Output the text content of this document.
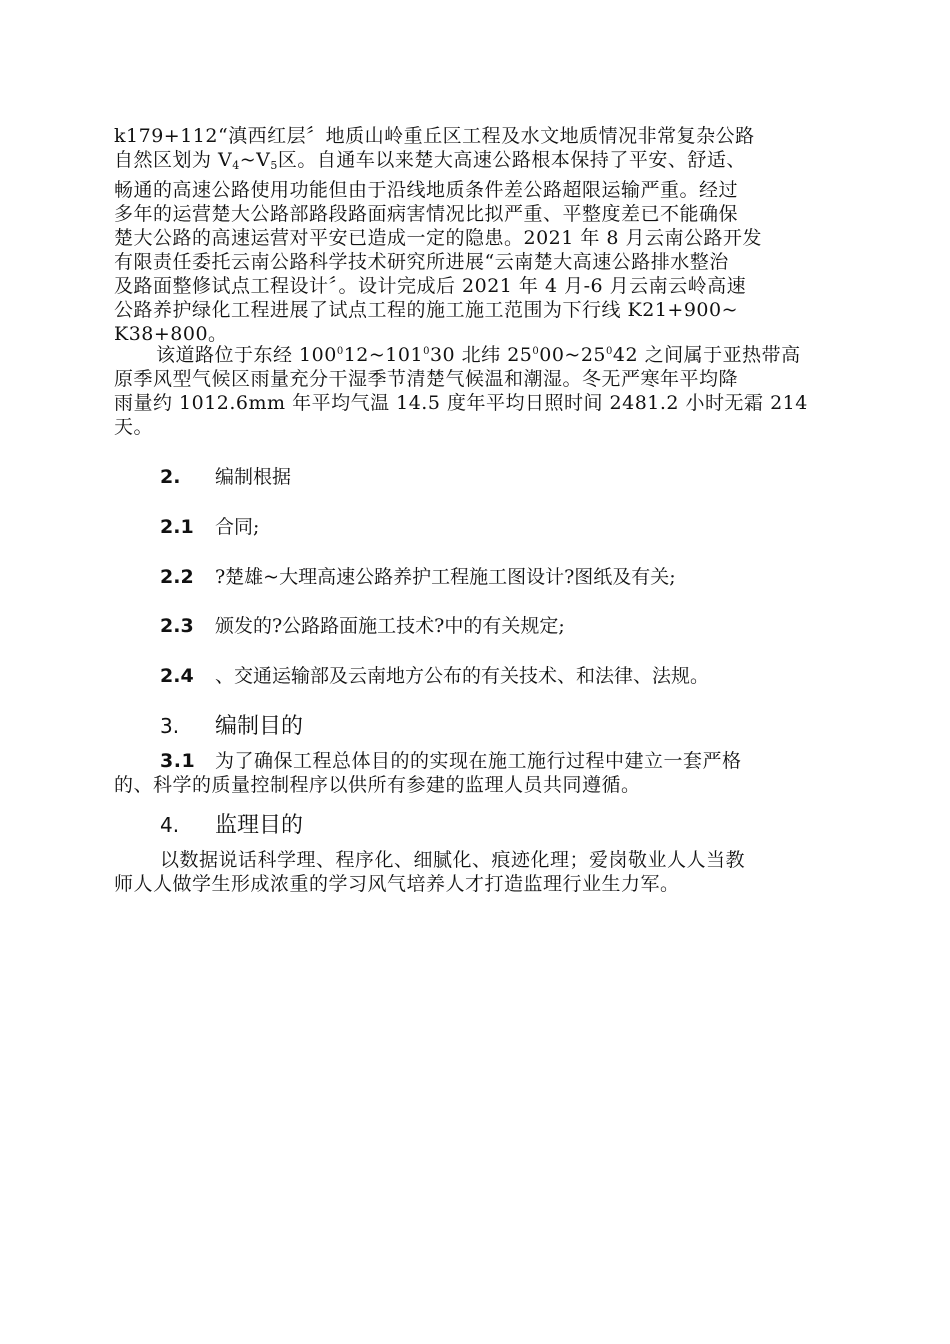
k179+112“滇西红层〞地质山岭重丘区工程及水文地质情况非常复杂公路
自然区划为 $V_4\sim V_5$区。自通车以来楚大高速公路根本保持了平安、舒适、
畅通的高速公路使用功能但由于沿线地质条件差公路超限运输严重。经过
多年的运营楚大公路部路段路面病害情况比拟严重、平整度差已不能确保
楚大公路的高速运营对平安已造成一定的隐患。2021 年 8 月云南公路开发
有限责任委托云南公路科学技术研究所进展“云南楚大高速公路排水整治
及路面整修试点工程设计〞。设计完成后 2021 年 4 月-6 月云南云岭高速
公路养护绿化工程进展了试点工程的施工施工范围为下行线 K21+900~
K38+800。
该道路位于东经 $100^012\sim 101^030$ 北纬 $25^000\sim 25^042$ 之间属于亚热带高
原季风型气候区雨量充分干湿季节清楚气候温和潮湿。冬无严寒年平均降
雨量约 1012.6mm 年平均气温 14.5 度年平均日照时间 2481.2 小时无霜 214
天。
2. 编制根据
2.1 合同;
2.2 ?楚雄~大理高速公路养护工程施工图设计?图纸及有关;
2.3 颁发的?公路路面施工技术?中的有关规定;
2.4 、交通运输部及云南地方公布的有关技术、和法律、法规。
3. 编制目的
3.1 为了确保工程总体目的的实现在施工施行过程中建立一套严格
的、科学的质量控制程序以供所有参建的监理人员共同遵循。
4. 监理目的
以数据说话科学理、程序化、细腻化、痕迹化理；爱岗敬业人人当教
师人人做学生形成浓重的学习风气培养人才打造监理行业生力军。
